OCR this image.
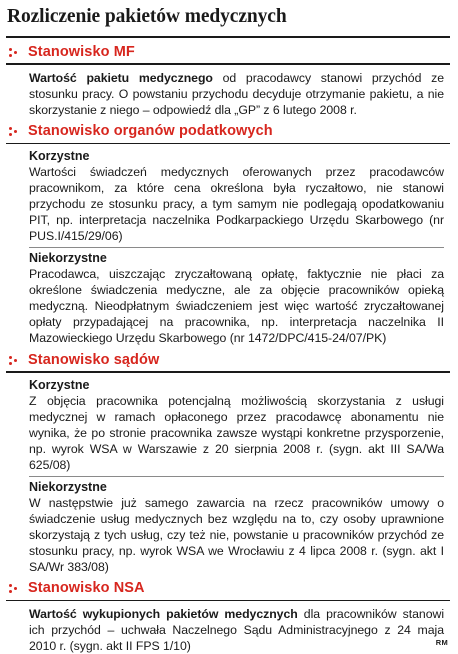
Rozliczenie pakietów medycznych
Stanowisko MF

Wartość pakietu medycznego od pracodawcy stanowi przychód ze stosunku pracy. O powstaniu przychodu decyduje otrzymanie pakietu, a nie skorzystanie z niego – odpowiedź dla „GP” z 6 lutego 2008 r.

Stanowisko organów podatkowych

Korzystne

Wartości świadczeń medycznych oferowanych przez pracodawców pracownikom, za które cena określona była ryczałtowo, nie stanowi przychodu ze stosunku pracy, a tym samym nie podlegają opodatkowaniu PIT, np. interpretacja naczelnika Podkarpackiego Urzędu Skarbowego (nr PUS.I/415/29/06)

Niekorzystne

Pracodawca, uiszczając zryczałtowaną opłatę, faktycznie nie płaci za określone świadczenia medyczne, ale za objęcie pracowników opieką medyczną. Nieodpłatnym świadczeniem jest więc wartość zryczałtowanej opłaty przypadającej na pracownika, np. interpretacja naczelnika II Mazowieckiego Urzędu Skarbowego (nr 1472/DPC/415-24/07/PK)

Stanowisko sądów

Korzystne

Z objęcia pracownika potencjalną możliwością skorzystania z usługi medycznej w ramach opłaconego przez pracodawcę abonamentu nie wynika, że po stronie pracownika zawsze wystąpi konkretne przysporzenie, np. wyrok WSA w Warszawie z 20 sierpnia 2008 r. (sygn. akt III SA/Wa 625/08)

Niekorzystne

W następstwie już samego zawarcia na rzecz pracowników umowy o świadczenie usług medycznych bez względu na to, czy osoby uprawnione skorzystają z tych usług, czy też nie, powstanie u pracowników przychód ze stosunku pracy, np. wyrok WSA we Wrocławiu z 4 lipca 2008 r. (sygn. akt I SA/Wr 383/08)

Stanowisko NSA

Wartość wykupionych pakietów medycznych dla pracowników stanowi ich przychód – uchwała Naczelnego Sądu Administracyjnego z 24 maja 2010 r. (sygn. akt II FPS 1/10)	RM
